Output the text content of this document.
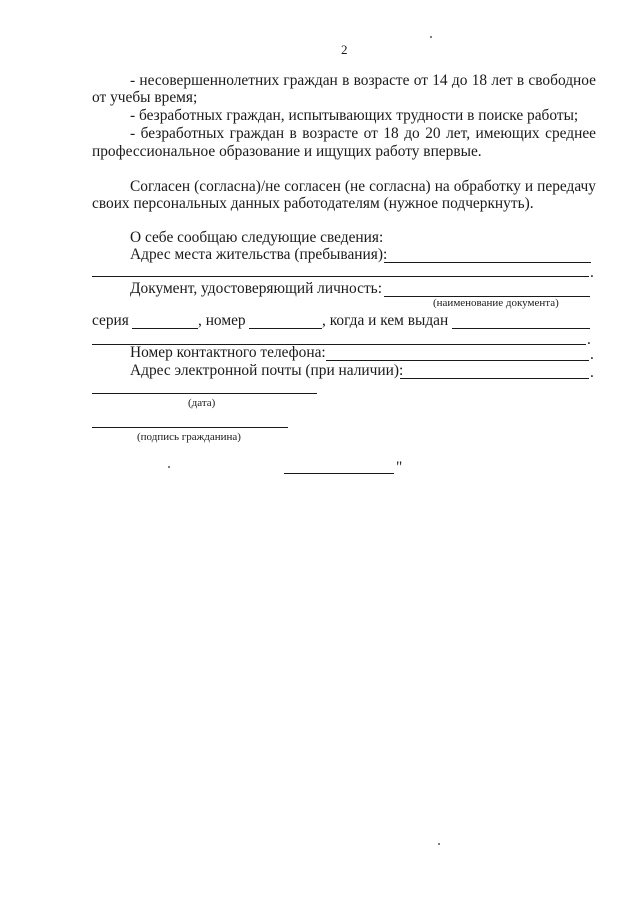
2
- несовершеннолетних граждан в возрасте от 14 до 18 лет в свободное
от учебы время;
- безработных граждан, испытывающих трудности в поиске работы;
- безработных граждан в возрасте от 18 до 20 лет, имеющих среднее
профессиональное образование и ищущих работу впервые.
Согласен (согласна)/не согласен (не согласна) на обработку и передачу
своих персональных данных работодателям (нужное подчеркнуть).
О себе сообщаю следующие сведения:
Адрес места жительства (пребывания):
.
Документ, удостоверяющий личность:
(наименование документа)
серия	, номер	, когда и кем выдан
.
Номер контактного телефона:	.
Адрес электронной почты (при наличии):	.
(дата)
(подпись гражданина)
"
